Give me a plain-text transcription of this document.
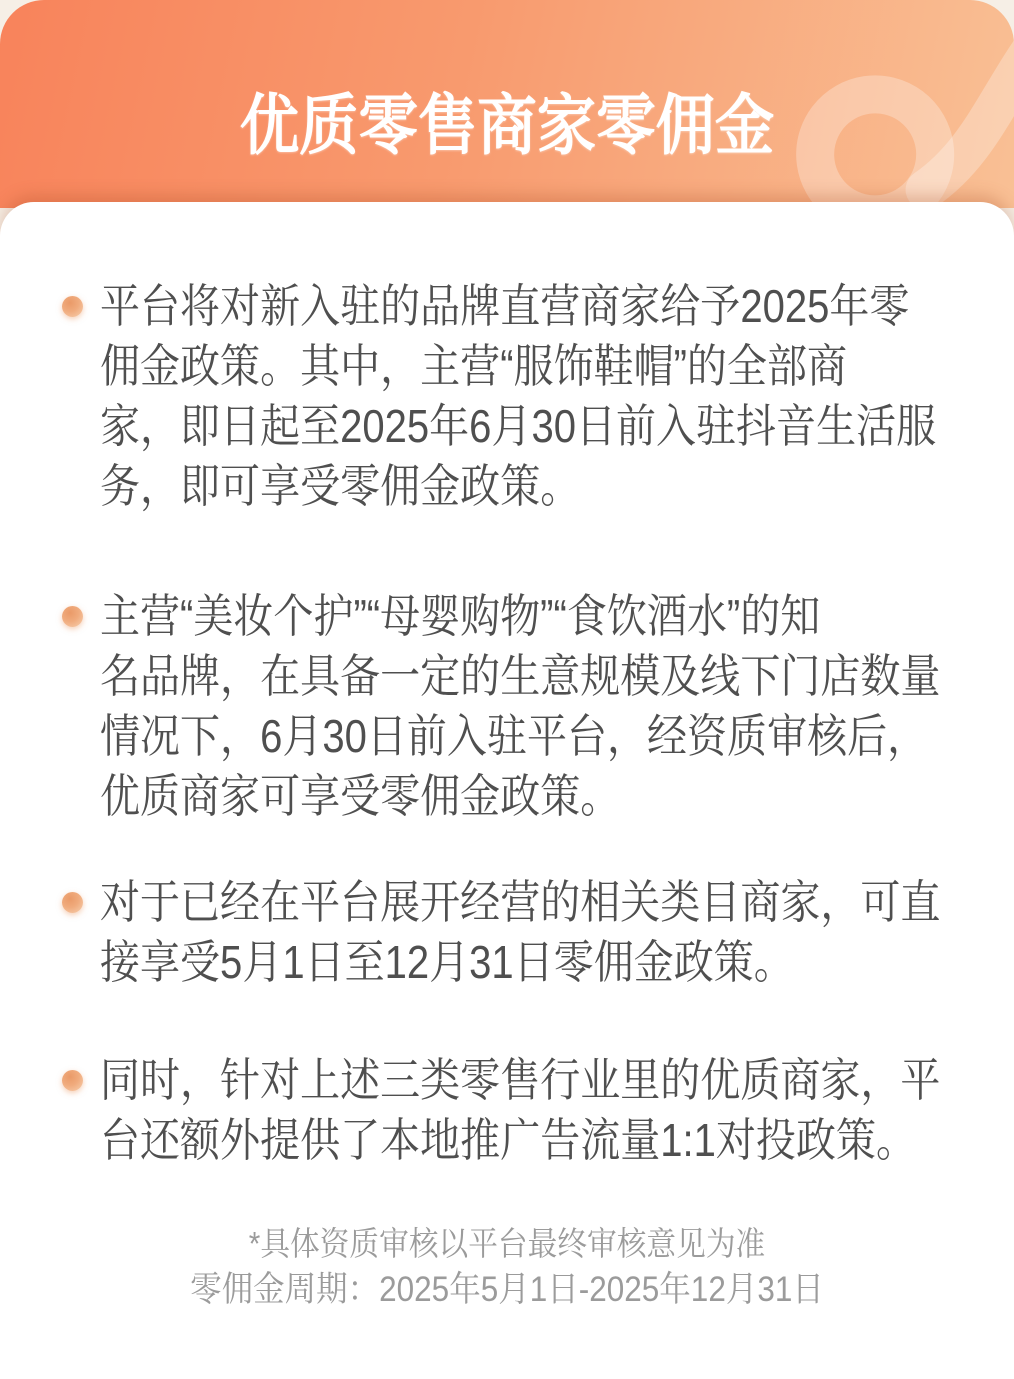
优质零售商家零佣金
平台将对新入驻的品牌直营商家给予2025年零
佣金政策。其中，主营“服饰鞋帽”的全部商
家，即日起至2025年6月30日前入驻抖音生活服
务，即可享受零佣金政策。
主营“美妆个护”“母婴购物”“食饮酒水”的知
名品牌，在具备一定的生意规模及线下门店数量
情况下，6月30日前入驻平台，经资质审核后，
优质商家可享受零佣金政策。
对于已经在平台展开经营的相关类目商家，可直
接享受5月1日至12月31日零佣金政策。
同时，针对上述三类零售行业里的优质商家，平
台还额外提供了本地推广告流量1:1对投政策。
*具体资质审核以平台最终审核意见为准
零佣金周期：2025年5月1日-2025年12月31日
